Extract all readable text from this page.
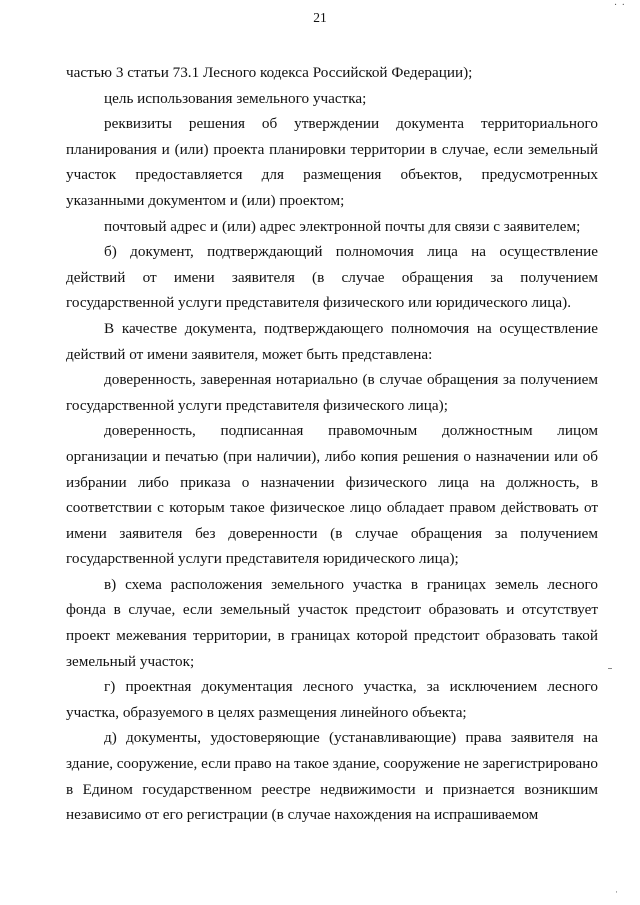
· ·
21

частью 3 статьи 73.1 Лесного кодекса Российской Федерации);

цель использования земельного участка;

реквизиты решения об утверждении документа территориального планирования и (или) проекта планировки территории в случае, если земельный участок предоставляется для размещения объектов, предусмотренных указанными документом и (или) проектом;

почтовый адрес и (или) адрес электронной почты для связи с заявителем;

б) документ, подтверждающий полномочия лица на осуществление действий от имени заявителя (в случае обращения за получением государственной услуги представителя физического или юридического лица).

В качестве документа, подтверждающего полномочия на осуществление действий от имени заявителя, может быть представлена:

доверенность, заверенная нотариально (в случае обращения за получением государственной услуги представителя физического лица);

доверенность, подписанная правомочным должностным лицом организации и печатью (при наличии), либо копия решения о назначении или об избрании либо приказа о назначении физического лица на должность, в соответствии с которым такое физическое лицо обладает правом действовать от имени заявителя без доверенности (в случае обращения за получением государственной услуги представителя юридического лица);

в) схема расположения земельного участка в границах земель лесного фонда в случае, если земельный участок предстоит образовать и отсутствует проект межевания территории, в границах которой предстоит образовать такой земельный участок;

г) проектная документация лесного участка, за исключением лесного участка, образуемого в целях размещения линейного объекта;

д) документы, удостоверяющие (устанавливающие) права заявителя на здание, сооружение, если право на такое здание, сооружение не зарегистрировано в Едином государственном реестре недвижимости и признается возникшим независимо от его регистрации (в случае нахождения на испрашиваемом

·
